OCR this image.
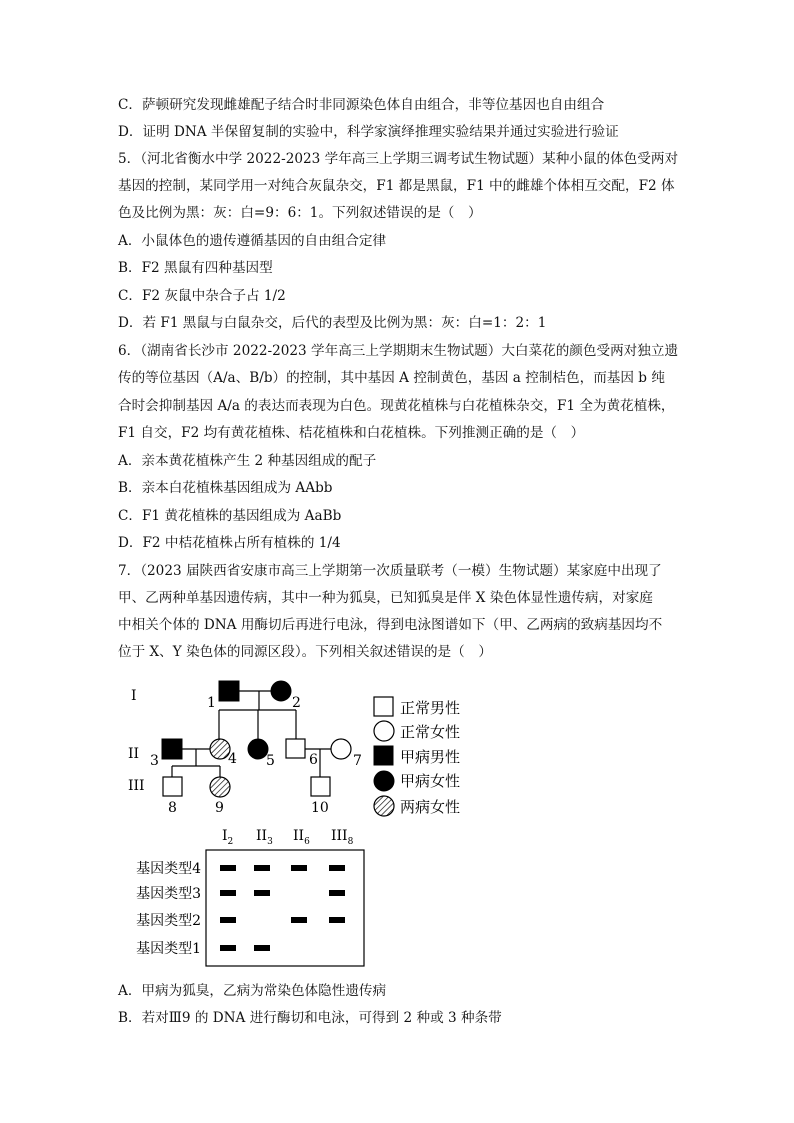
C．萨顿研究发现雌雄配子结合时非同源染色体自由组合，非等位基因也自由组合
D．证明 DNA 半保留复制的实验中，科学家演绎推理实验结果并通过实验进行验证
5．（河北省衡水中学 2022-2023 学年高三上学期三调考试生物试题）某种小鼠的体色受两对
基因的控制，某同学用一对纯合灰鼠杂交，F1 都是黑鼠，F1 中的雌雄个体相互交配，F2 体
色及比例为黑：灰：白=9：6：1。下列叙述错误的是（　）
A．小鼠体色的遗传遵循基因的自由组合定律
B．F2 黑鼠有四种基因型
C．F2 灰鼠中杂合子占 1/2
D．若 F1 黑鼠与白鼠杂交，后代的表型及比例为黑：灰：白=1：2：1
6．（湖南省长沙市 2022-2023 学年高三上学期期末生物试题）大白菜花的颜色受两对独立遗
传的等位基因（A/a、B/b）的控制，其中基因 A 控制黄色，基因 a 控制桔色，而基因 b 纯
合时会抑制基因 A/a 的表达而表现为白色。现黄花植株与白花植株杂交，F1 全为黄花植株，
F1 自交，F2 均有黄花植株、桔花植株和白花植株。下列推测正确的是（　）
A．亲本黄花植株产生 2 种基因组成的配子
B．亲本白花植株基因组成为 AAbb
C．F1 黄花植株的基因组成为 AaBb
D．F2 中桔花植株占所有植株的 1/4
7．（2023 届陕西省安康市高三上学期第一次质量联考（一模）生物试题）某家庭中出现了
甲、乙两种单基因遗传病，其中一种为狐臭，已知狐臭是伴 X 染色体显性遗传病，对家庭
中相关个体的 DNA 用酶切后再进行电泳，得到电泳图谱如下（甲、乙两病的致病基因均不
位于 X、Y 染色体的同源区段）。下列相关叙述错误的是（　）
I
II
III
1	2
3	4 5 6	7
8	9	10
正常男性
正常女性
甲病男性
甲病女性
两病女性
$I_2$ $II_3$ $II_6$ $III_8$
基因类型4
基因类型3
基因类型2
基因类型1
A．甲病为狐臭，乙病为常染色体隐性遗传病
B．若对Ⅲ9 的 DNA 进行酶切和电泳，可得到 2 种或 3 种条带
